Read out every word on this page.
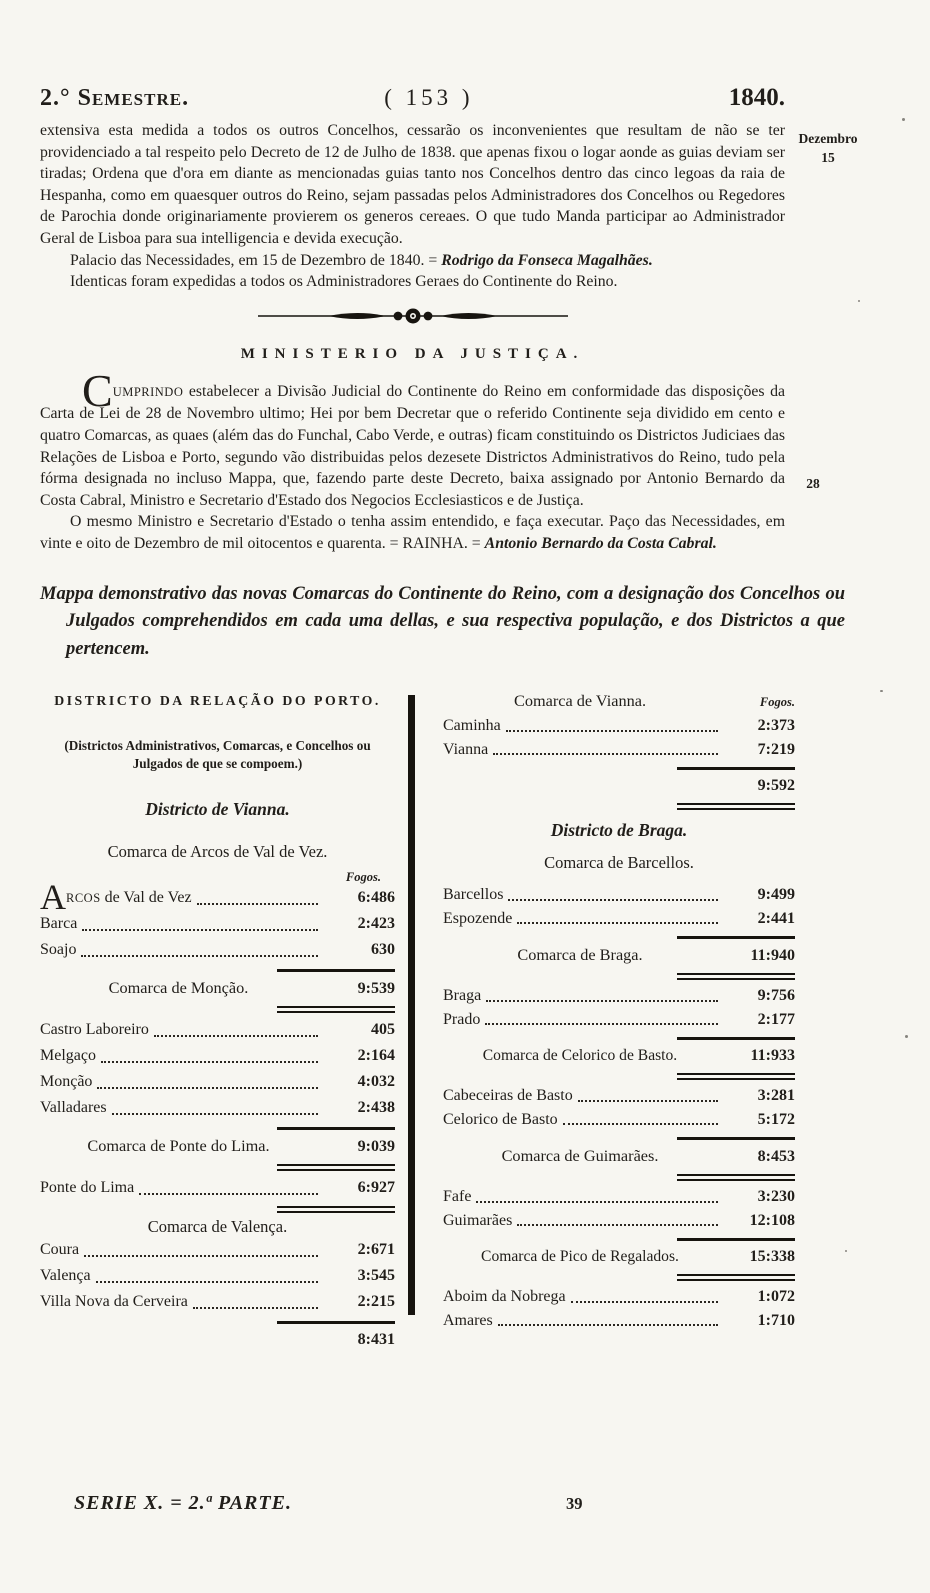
2.° Semestre.	( 153 )	1840.
Dezembro
15
28

extensiva esta medida a todos os outros Concelhos, cessarão os inconvenientes que resultam de não se ter providenciado a tal respeito pelo Decreto de 12 de Julho de 1838. que apenas fixou o logar aonde as guias deviam ser tiradas; Ordena que d'ora em diante as mencionadas guias tanto nos Concelhos dentro das cinco legoas da raia de Hespanha, como em quaesquer outros do Reino, sejam passadas pelos Administradores dos Concelhos ou Regedores de Parochia donde originariamente provierem os generos cereaes. O que tudo Manda participar ao Administrador Geral de Lisboa para sua intelligencia e devida execução.

Palacio das Necessidades, em 15 de Dezembro de 1840. = Rodrigo da Fonseca Magalhães.

Identicas foram expedidas a todos os Administradores Geraes do Continente do Reino.

MINISTERIO DA JUSTIÇA.

CUMPRINDO estabelecer a Divisão Judicial do Continente do Reino em conformidade das disposições da Carta de Lei de 28 de Novembro ultimo; Hei por bem Decretar que o referido Continente seja dividido em cento e quatro Comarcas, as quaes (além das do Funchal, Cabo Verde, e outras) ficam constituindo os Districtos Judiciaes das Relações de Lisboa e Porto, segundo vão distribuidas pelos dezesete Districtos Administrativos do Reino, tudo pela fórma designada no incluso Mappa, que, fazendo parte deste Decreto, baixa assignado por Antonio Bernardo da Costa Cabral, Ministro e Secretario d'Estado dos Negocios Ecclesiasticos e de Justiça.

O mesmo Ministro e Secretario d'Estado o tenha assim entendido, e faça executar. Paço das Necessidades, em vinte e oito de Dezembro de mil oitocentos e quarenta. = RAINHA. = Antonio Bernardo da Costa Cabral.

Mappa demonstrativo das novas Comarcas do Continente do Reino, com a designação dos Concelhos ou Julgados comprehendidos em cada uma dellas, e sua respectiva população, e dos Districtos a que pertencem.
DISTRICTO DA RELAÇÃO DO PORTO.
(Districtos Administrativos, Comarcas, e Concelhos ou Julgados de que se compoem.)
Districto de Vianna.
Comarca de Arcos de Val de Vez.
Fogos.
ARCOS de Val de Vez	6:486
Barca	2:423
Soajo	630
Comarca de Monção.	9:539
Castro Laboreiro	405
Melgaço	2:164
Monção	4:032
Valladares	2:438
Comarca de Ponte do Lima.	9:039
Ponte do Lima	6:927
Comarca de Valença.
Coura	2:671
Valença	3:545
Villa Nova da Cerveira	2:215
8:431
Comarca de Vianna.	Fogos.
Caminha	2:373
Vianna	7:219
9:592
Districto de Braga.
Comarca de Barcellos.
Barcellos	9:499
Espozende	2:441
Comarca de Braga.	11:940
Braga	9:756
Prado	2:177
Comarca de Celorico de Basto.	11:933
Cabeceiras de Basto	3:281
Celorico de Basto	5:172
Comarca de Guimarães.	8:453
Fafe	3:230
Guimarães	12:108
Comarca de Pico de Regalados.	15:338
Aboim da Nobrega	1:072
Amares	1:710
SERIE X. = 2.ª PARTE.	39
